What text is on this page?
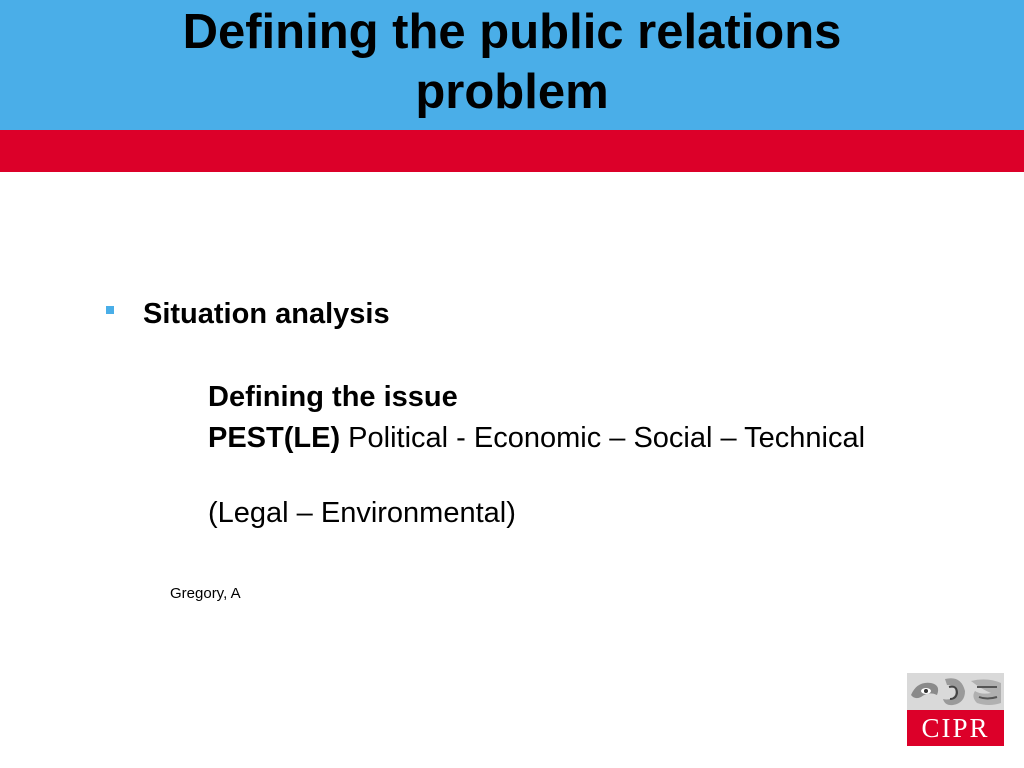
Defining the public relations
problem
Situation analysis
Defining the issue
PEST(LE) Political - Economic – Social – Technical
(Legal – Environmental)
Gregory, A
CIPR
